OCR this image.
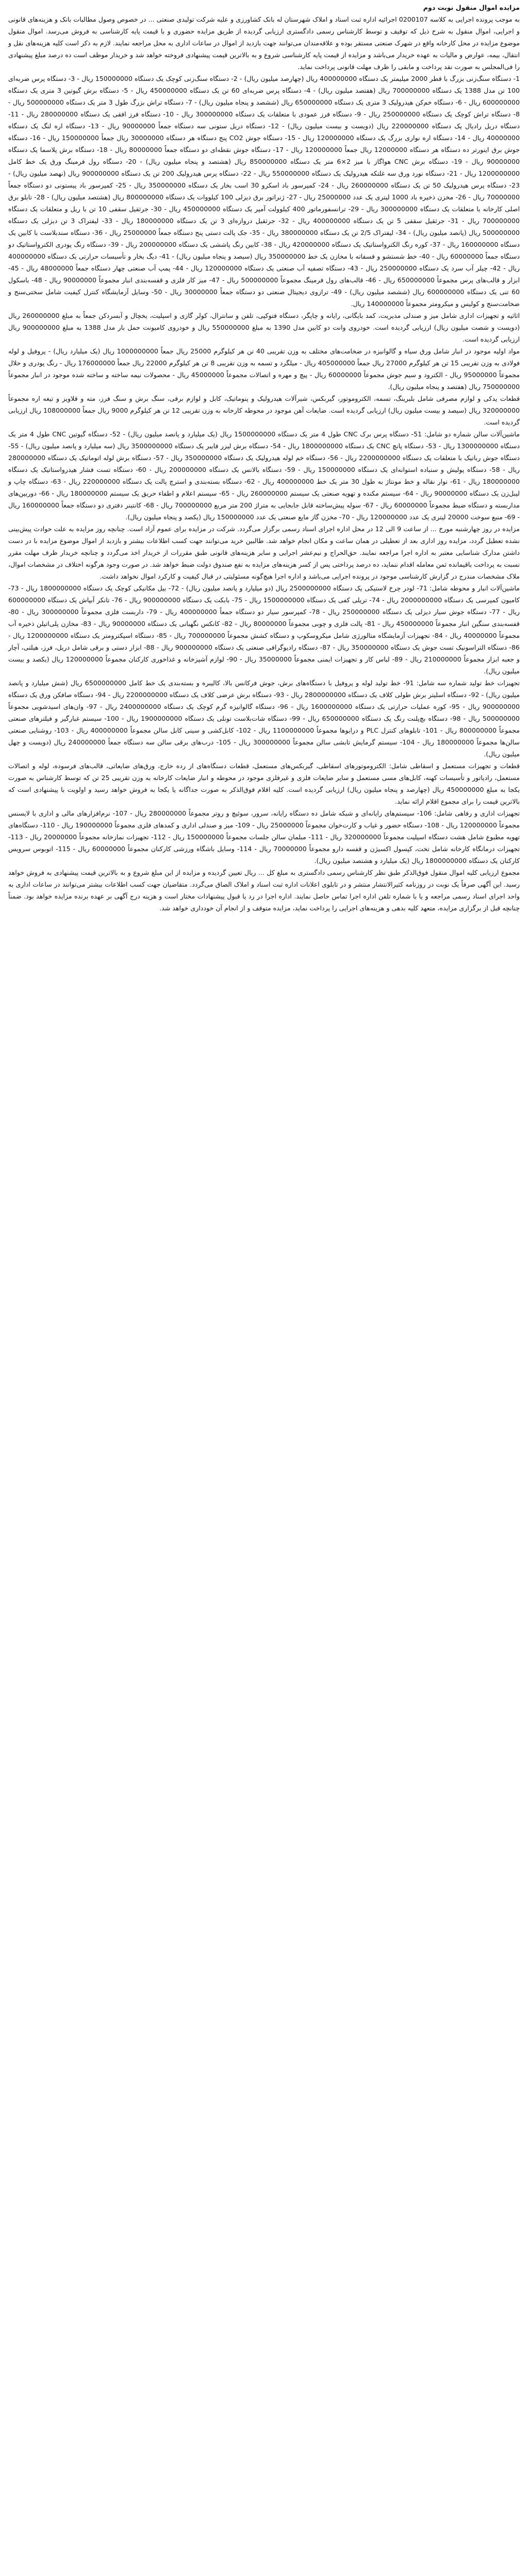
مزایده اموال منقول نوبت دوم

به موجب پرونده اجرایی به کلاسه 0200107 اجرائیه اداره ثبت اسناد و املاک شهرستان له بانک کشاورزی و علیه شرکت تولیدی صنعتی ... در خصوص وصول مطالبات بانک و هزینه‌های قانونی و اجرایی، اموال منقول به شرح ذیل که توقیف و توسط کارشناس رسمی دادگستری ارزیابی گردیده از طریق مزایده حضوری و با قیمت پایه کارشناسی به فروش می‌رسد. اموال منقول موضوع مزایده در محل کارخانه واقع در شهرک صنعتی مستقر بوده و علاقه‌مندان می‌توانند جهت بازدید از اموال در ساعات اداری به محل مراجعه نمایند. لازم به ذکر است کلیه هزینه‌های نقل و انتقال، بیمه، عوارض و مالیات به عهده خریدار می‌باشد و مزایده از قیمت پایه کارشناسی شروع و به بالاترین قیمت پیشنهادی فروخته خواهد شد و خریدار موظف است ده درصد مبلغ پیشنهادی را فی‌المجلس به صورت نقد پرداخت و مابقی را ظرف مهلت قانونی پرداخت نماید.

1- دستگاه سنگ‌زنی بزرگ با قطر 2000 میلیمتر یک دستگاه 400000000 ریال (چهارصد میلیون ریال) - 2- دستگاه سنگ‌زنی کوچک یک دستگاه 150000000 ریال - 3- دستگاه پرس ضربه‌ای 100 تن مدل 1388 یک دستگاه 700000000 ریال (هفتصد میلیون ریال) - 4- دستگاه پرس ضربه‌ای 60 تن یک دستگاه 450000000 ریال - 5- دستگاه برش گیوتین 3 متری یک دستگاه 600000000 ریال - 6- دستگاه خم‌کن هیدرولیک 3 متری یک دستگاه 650000000 ریال (ششصد و پنجاه میلیون ریال) - 7- دستگاه تراش بزرگ طول 3 متر یک دستگاه 500000000 ریال - 8- دستگاه تراش کوچک یک دستگاه 250000000 ریال - 9- دستگاه فرز عمودی با متعلقات یک دستگاه 300000000 ریال - 10- دستگاه فرز افقی یک دستگاه 280000000 ریال - 11- دستگاه دریل رادیال یک دستگاه 220000000 ریال (دویست و بیست میلیون ریال) - 12- دستگاه دریل ستونی سه دستگاه جمعاً 90000000 ریال - 13- دستگاه اره لنگ یک دستگاه 40000000 ریال - 14- دستگاه اره نواری بزرگ یک دستگاه 120000000 ریال - 15- دستگاه جوش CO2 پنج دستگاه هر دستگاه 30000000 ریال جمعاً 150000000 ریال - 16- دستگاه جوش برق اینورتر ده دستگاه هر دستگاه 12000000 ریال جمعاً 120000000 ریال - 17- دستگاه جوش نقطه‌ای دو دستگاه جمعاً 80000000 ریال - 18- دستگاه برش پلاسما یک دستگاه 90000000 ریال - 19- دستگاه برش CNC هواگاز با میز 2×6 متر یک دستگاه 850000000 ریال (هشتصد و پنجاه میلیون ریال) - 20- دستگاه رول فرمینگ ورق یک خط کامل 1200000000 ریال - 21- دستگاه نورد ورق سه غلتکه هیدرولیک یک دستگاه 550000000 ریال - 22- دستگاه پرس هیدرولیک 200 تن یک دستگاه 900000000 ریال (نهصد میلیون ریال) - 23- دستگاه پرس هیدرولیک 50 تن یک دستگاه 260000000 ریال - 24- کمپرسور باد اسکرو 30 اسب بخار یک دستگاه 350000000 ریال - 25- کمپرسور باد پیستونی دو دستگاه جمعاً 70000000 ریال - 26- مخزن ذخیره باد 1000 لیتری یک عدد 25000000 ریال - 27- ژنراتور برق دیزلی 100 کیلووات یک دستگاه 800000000 ریال (هشتصد میلیون ریال) - 28- تابلو برق اصلی کارخانه با متعلقات یک دستگاه 300000000 ریال - 29- ترانسفورماتور 400 کیلوولت آمپر یک دستگاه 450000000 ریال - 30- جرثقیل سقفی 10 تن با ریل و متعلقات یک دستگاه 700000000 ریال - 31- جرثقیل سقفی 5 تن یک دستگاه 400000000 ریال - 32- جرثقیل دروازه‌ای 3 تن یک دستگاه 180000000 ریال - 33- لیفتراک 3 تن دیزلی یک دستگاه 500000000 ریال (پانصد میلیون ریال) - 34- لیفتراک 2/5 تن یک دستگاه 380000000 ریال - 35- جک پالت دستی پنج دستگاه جمعاً 25000000 ریال - 36- دستگاه سندبلاست با کابین یک دستگاه 160000000 ریال - 37- کوره رنگ الکترواستاتیک یک دستگاه 420000000 ریال - 38- کابین رنگ پاششی یک دستگاه 200000000 ریال - 39- دستگاه رنگ پودری الکترواستاتیک دو دستگاه جمعاً 60000000 ریال - 40- خط شستشو و فسفاته با مخازن یک خط 350000000 ریال (سیصد و پنجاه میلیون ریال) - 41- دیگ بخار و تأسیسات حرارتی یک دستگاه 400000000 ریال - 42- چیلر آب سرد یک دستگاه 250000000 ریال - 43- دستگاه تصفیه آب صنعتی یک دستگاه 120000000 ریال - 44- پمپ آب صنعتی چهار دستگاه جمعاً 48000000 ریال - 45- ابزار و قالب‌های پرس مجموعاً 650000000 ریال - 46- قالب‌های رول فرمینگ مجموعاً 500000000 ریال - 47- میز کار فلزی و قفسه‌بندی انبار مجموعاً 90000000 ریال - 48- باسکول 60 تنی یک دستگاه 600000000 ریال (ششصد میلیون ریال) - 49- ترازوی دیجیتال صنعتی دو دستگاه جمعاً 30000000 ریال - 50- وسایل آزمایشگاه کنترل کیفیت شامل سختی‌سنج و ضخامت‌سنج و کولیس و میکرومتر مجموعاً 140000000 ریال.

اثاثیه و تجهیزات اداری شامل میز و صندلی مدیریت، کمد بایگانی، رایانه و چاپگر، دستگاه فتوکپی، تلفن و سانترال، کولر گازی و اسپلیت، یخچال و آبسردکن جمعاً به مبلغ 260000000 ریال (دویست و شصت میلیون ریال) ارزیابی گردیده است. خودروی وانت دو کابین مدل 1390 به مبلغ 550000000 ریال و خودروی کامیونت حمل بار مدل 1388 به مبلغ 900000000 ریال ارزیابی گردیده است.

مواد اولیه موجود در انبار شامل ورق سیاه و گالوانیزه در ضخامت‌های مختلف به وزن تقریبی 40 تن هر کیلوگرم 25000 ریال جمعاً 1000000000 ریال (یک میلیارد ریال) - پروفیل و لوله فولادی به وزن تقریبی 15 تن هر کیلوگرم 27000 ریال جمعاً 405000000 ریال - میلگرد و تسمه به وزن تقریبی 8 تن هر کیلوگرم 22000 ریال جمعاً 176000000 ریال - رنگ پودری و حلال مجموعاً 95000000 ریال - الکترود و سیم جوش مجموعاً 60000000 ریال - پیچ و مهره و اتصالات مجموعاً 45000000 ریال - محصولات نیمه ساخته و ساخته شده موجود در انبار مجموعاً 750000000 ریال (هفتصد و پنجاه میلیون ریال).

قطعات یدکی و لوازم مصرفی شامل بلبرینگ، تسمه، الکتروموتور، گیربکس، شیرآلات هیدرولیک و پنوماتیک، کابل و لوازم برقی، سنگ برش و سنگ فرز، مته و قلاویز و تیغه اره مجموعاً 320000000 ریال (سیصد و بیست میلیون ریال) ارزیابی گردیده است. ضایعات آهن موجود در محوطه کارخانه به وزن تقریبی 12 تن هر کیلوگرم 9000 ریال جمعاً 108000000 ریال ارزیابی گردیده است.

ماشین‌آلات سالن شماره دو شامل: 51- دستگاه پرس برک CNC طول 4 متر یک دستگاه 1500000000 ریال (یک میلیارد و پانصد میلیون ریال) - 52- دستگاه گیوتین CNC طول 4 متر یک دستگاه 1300000000 ریال - 53- دستگاه پانچ CNC یک دستگاه 1800000000 ریال - 54- دستگاه برش لیزر فایبر یک دستگاه 3500000000 ریال (سه میلیارد و پانصد میلیون ریال) - 55- دستگاه جوش رباتیک با متعلقات یک دستگاه 2200000000 ریال - 56- دستگاه خم لوله هیدرولیک یک دستگاه 350000000 ریال - 57- دستگاه برش لوله اتوماتیک یک دستگاه 280000000 ریال - 58- دستگاه پولیش و سنباده استوانه‌ای یک دستگاه 150000000 ریال - 59- دستگاه بالانس یک دستگاه 200000000 ریال - 60- دستگاه تست فشار هیدرواستاتیک یک دستگاه 180000000 ریال - 61- نوار نقاله و خط مونتاژ به طول 30 متر یک خط 400000000 ریال - 62- دستگاه بسته‌بندی و استرچ پالت یک دستگاه 220000000 ریال - 63- دستگاه چاپ و لیبل‌زن یک دستگاه 90000000 ریال - 64- سیستم مکنده و تهویه صنعتی یک سیستم 260000000 ریال - 65- سیستم اعلام و اطفاء حریق یک سیستم 180000000 ریال - 66- دوربین‌های مداربسته و دستگاه ضبط مجموعاً 60000000 ریال - 67- سوله پیش‌ساخته قابل جابجایی به متراژ 200 متر مربع 700000000 ریال - 68- کانتینر دفتری دو دستگاه جمعاً 160000000 ریال - 69- منبع سوخت 20000 لیتری یک عدد 120000000 ریال - 70- مخزن گاز مایع صنعتی یک عدد 150000000 ریال (یکصد و پنجاه میلیون ریال).

مزایده در روز چهارشنبه مورخ ... از ساعت 9 الی 12 در محل اداره اجرای اسناد رسمی برگزار می‌گردد. شرکت در مزایده برای عموم آزاد است. چنانچه روز مزایده به علت حوادث پیش‌بینی نشده تعطیل گردد، مزایده روز اداری بعد از تعطیلی در همان ساعت و مکان انجام خواهد شد. طالبین خرید می‌توانند جهت کسب اطلاعات بیشتر و بازدید از اموال موضوع مزایده با در دست داشتن مدارک شناسایی معتبر به اداره اجرا مراجعه نمایند. حق‌الحراج و نیم‌عشر اجرایی و سایر هزینه‌های قانونی طبق مقررات از خریدار اخذ می‌گردد و چنانچه خریدار ظرف مهلت مقرر نسبت به پرداخت باقیمانده ثمن معامله اقدام ننماید، ده درصد پرداختی پس از کسر هزینه‌های مزایده به نفع صندوق دولت ضبط خواهد شد. در صورت وجود هرگونه اختلاف در مشخصات اموال، ملاک مشخصات مندرج در گزارش کارشناسی موجود در پرونده اجرایی می‌باشد و اداره اجرا هیچ‌گونه مسئولیتی در قبال کیفیت و کارکرد اموال نخواهد داشت.

ماشین‌آلات انبار و محوطه شامل: 71- لودر چرخ لاستیکی یک دستگاه 2500000000 ریال (دو میلیارد و پانصد میلیون ریال) - 72- بیل مکانیکی کوچک یک دستگاه 1800000000 ریال - 73- کامیون کمپرسی یک دستگاه 2000000000 ریال - 74- تریلی کفی یک دستگاه 1500000000 ریال - 75- بابکت یک دستگاه 900000000 ریال - 76- تانکر آبپاش یک دستگاه 600000000 ریال - 77- دستگاه جوش سیار دیزلی یک دستگاه 250000000 ریال - 78- کمپرسور سیار دو دستگاه جمعاً 400000000 ریال - 79- داربست فلزی مجموعاً 300000000 ریال - 80- قفسه‌بندی سنگین انبار مجموعاً 450000000 ریال - 81- پالت فلزی و چوبی مجموعاً 80000000 ریال - 82- کانکس نگهبانی یک دستگاه 90000000 ریال - 83- مخازن پلی‌اتیلن ذخیره آب مجموعاً 40000000 ریال - 84- تجهیزات آزمایشگاه متالورژی شامل میکروسکوپ و دستگاه کشش مجموعاً 700000000 ریال - 85- دستگاه اسپکترومتر یک دستگاه 1200000000 ریال - 86- دستگاه التراسونیک تست جوش یک دستگاه 350000000 ریال - 87- دستگاه رادیوگرافی صنعتی یک دستگاه 900000000 ریال - 88- ابزار دستی و برقی شامل دریل، فرز، هیلتی، آچار و جعبه ابزار مجموعاً 210000000 ریال - 89- لباس کار و تجهیزات ایمنی مجموعاً 35000000 ریال - 90- لوازم آشپزخانه و غذاخوری کارکنان مجموعاً 120000000 ریال (یکصد و بیست میلیون ریال).

تجهیزات خط تولید شماره سه شامل: 91- خط تولید لوله و پروفیل با دستگاه‌های برش، جوش فرکانس بالا، کالیبره و بسته‌بندی یک خط کامل 6500000000 ریال (شش میلیارد و پانصد میلیون ریال) - 92- دستگاه اسلیتر برش طولی کلاف یک دستگاه 2800000000 ریال - 93- دستگاه برش عرضی کلاف یک دستگاه 2200000000 ریال - 94- دستگاه صافکن ورق یک دستگاه 900000000 ریال - 95- کوره عملیات حرارتی یک دستگاه 1600000000 ریال - 96- دستگاه گالوانیزه گرم کوچک یک دستگاه 2400000000 ریال - 97- وان‌های اسیدشویی مجموعاً 500000000 ریال - 98- دستگاه بچ‌پلنت رنگ یک دستگاه 650000000 ریال - 99- دستگاه شات‌بلاست تونلی یک دستگاه 1900000000 ریال - 100- سیستم غبارگیر و فیلترهای صنعتی مجموعاً 800000000 ریال - 101- تابلوهای کنترل PLC و درایوها مجموعاً 1100000000 ریال - 102- کابل‌کشی و سینی کابل سالن مجموعاً 400000000 ریال - 103- روشنایی صنعتی سالن‌ها مجموعاً 180000000 ریال - 104- سیستم گرمایش تابشی سالن مجموعاً 300000000 ریال - 105- درب‌های برقی سالن سه دستگاه جمعاً 240000000 ریال (دویست و چهل میلیون ریال).

قطعات و تجهیزات مستعمل و اسقاطی شامل: الکتروموتورهای اسقاطی، گیربکس‌های مستعمل، قطعات دستگاه‌های از رده خارج، ورق‌های ضایعاتی، قالب‌های فرسوده، لوله و اتصالات مستعمل، رادیاتور و تأسیسات کهنه، کابل‌های مسی مستعمل و سایر ضایعات فلزی و غیرفلزی موجود در محوطه و انبار ضایعات کارخانه به وزن تقریبی 25 تن که توسط کارشناس به صورت یکجا به مبلغ 450000000 ریال (چهارصد و پنجاه میلیون ریال) ارزیابی گردیده است. کلیه اقلام فوق‌الذکر به صورت جداگانه یا یکجا به فروش خواهد رسید و اولویت با پیشنهادی است که بالاترین قیمت را برای مجموع اقلام ارائه نماید.

تجهیزات اداری و رفاهی شامل: 106- سیستم‌های رایانه‌ای و شبکه شامل ده دستگاه رایانه، سرور، سوئیچ و روتر مجموعاً 280000000 ریال - 107- نرم‌افزارهای مالی و اداری با لایسنس مجموعاً 120000000 ریال - 108- دستگاه حضور و غیاب و کارت‌خوان مجموعاً 25000000 ریال - 109- میز و صندلی اداری و کمدهای فلزی مجموعاً 190000000 ریال - 110- دستگاه‌های تهویه مطبوع شامل هشت دستگاه اسپلیت مجموعاً 320000000 ریال - 111- مبلمان سالن جلسات مجموعاً 150000000 ریال - 112- تجهیزات نمازخانه مجموعاً 20000000 ریال - 113- تجهیزات درمانگاه کارخانه شامل تخت، کپسول اکسیژن و قفسه دارو مجموعاً 70000000 ریال - 114- وسایل باشگاه ورزشی کارکنان مجموعاً 60000000 ریال - 115- اتوبوس سرویس کارکنان یک دستگاه 1800000000 ریال (یک میلیارد و هشتصد میلیون ریال).

مجموع ارزیابی کلیه اموال منقول فوق‌الذکر طبق نظر کارشناس رسمی دادگستری به مبلغ کل ... ریال تعیین گردیده و مزایده از این مبلغ شروع و به بالاترین قیمت پیشنهادی به فروش خواهد رسید. این آگهی صرفاً یک نوبت در روزنامه کثیرالانتشار منتشر و در تابلوی اعلانات اداره ثبت اسناد و املاک الصاق می‌گردد. متقاضیان جهت کسب اطلاعات بیشتر می‌توانند در ساعات اداری به واحد اجرای اسناد رسمی مراجعه و یا با شماره تلفن اداره اجرا تماس حاصل نمایند. اداره اجرا در رد یا قبول پیشنهادات مختار است و هزینه درج آگهی بر عهده برنده مزایده خواهد بود. ضمناً چنانچه قبل از برگزاری مزایده، متعهد کلیه بدهی و هزینه‌های اجرایی را پرداخت نماید، مزایده متوقف و از انجام آن خودداری خواهد شد.
